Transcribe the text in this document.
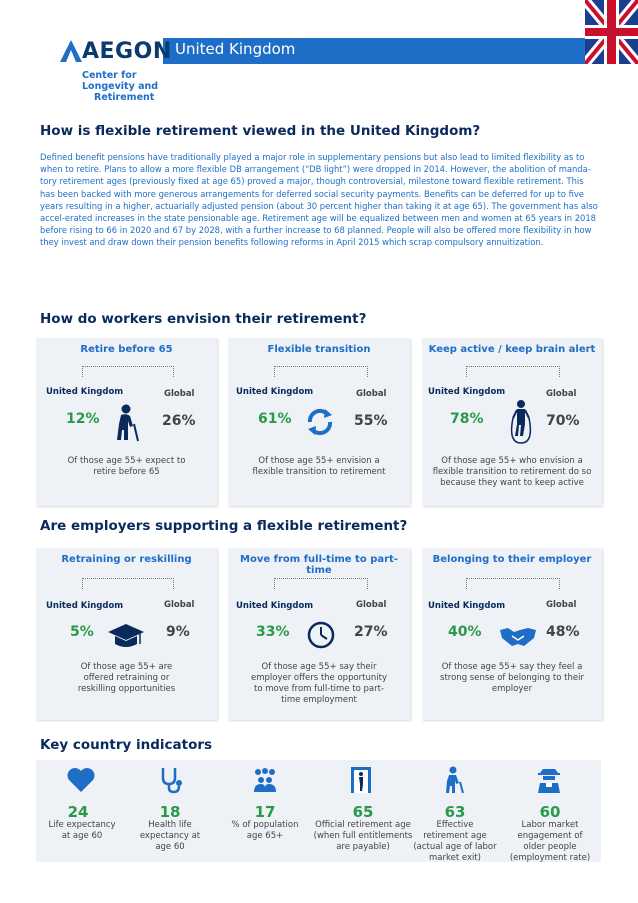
United Kingdom
AEGON
Center for
Longevity and
Retirement
How is flexible retirement viewed in the United Kingdom?
Defined benefit pensions have traditionally played a major role in supplementary pensions but also lead to limited flexibility as to when to retire. Plans to allow a more flexible DB arrangement (“DB light”) were dropped in 2014. However, the abolition of manda-tory retirement ages (previously fixed at age 65) proved a major, though controversial, milestone toward flexible retirement. This has been backed with more generous arrangements for deferred social security payments. Benefits can be deferred for up to five years resulting in a higher, actuarially adjusted pension (about 30 percent higher than taking it at age 65). The government has also accel-erated increases in the state pensionable age. Retirement age will be equalized between men and women at 65 years in 2018 before rising to 66 in 2020 and 67 by 2028, with a further increase to 68 planned. People will also be offered more flexibility in how they invest and draw down their pension benefits following reforms in April 2015 which scrap compulsory annuitization.
How do workers envision their retirement?
Retire before 65
United Kingdom	Global
12%	26%
Of those age 55+ expect to retire before 65
Flexible transition
United Kingdom	Global
61%	55%
Of those age 55+ envision a flexible transition to retirement
Keep active / keep brain alert
United Kingdom	Global
78%	70%
Of those age 55+ who envision a flexible transition to retirement do so because they want to keep active
Are employers supporting a flexible retirement?
Retraining or reskilling
United Kingdom	Global
5%	9%
Of those age 55+ are offered retraining or reskilling opportunities
Move from full-time to part-time
United Kingdom	Global
33%	27%
Of those age 55+ say their employer offers the opportunity to move from full-time to part-time employment
Belonging to their employer
United Kingdom	Global
40%	48%
Of those age 55+ say they feel a strong sense of belonging to their employer
Key country indicators
24	18	17	65	63	60
Life expectancy at age 60
Health life expectancy at age 60
% of population age 65+
Official retirement age (when full entitlements are payable)
Effective retirement age (actual age of labor market exit)
Labor market engagement of older people (employment rate)
